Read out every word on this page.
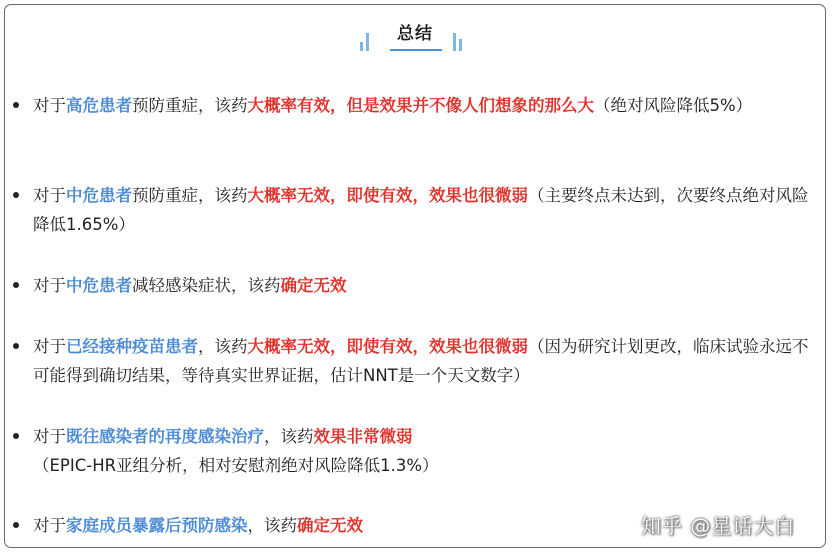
总结
对于高危患者预防重症，该药大概率有效，但是效果并不像人们想象的那么大（绝对风险降低5%）
对于中危患者预防重症，该药大概率无效，即使有效，效果也很微弱（主要终点未达到，次要终点绝对风险降低1.65%）
对于中危患者减轻感染症状，该药确定无效
对于已经接种疫苗患者，该药大概率无效，即使有效，效果也很微弱（因为研究计划更改，临床试验永远不可能得到确切结果，等待真实世界证据，估计NNT是一个天文数字）
对于既往感染者的再度感染治疗，该药效果非常微弱（EPIC-HR亚组分析，相对安慰剂绝对风险降低1.3%）
对于家庭成员暴露后预防感染，该药确定无效	知乎 @星话大白
